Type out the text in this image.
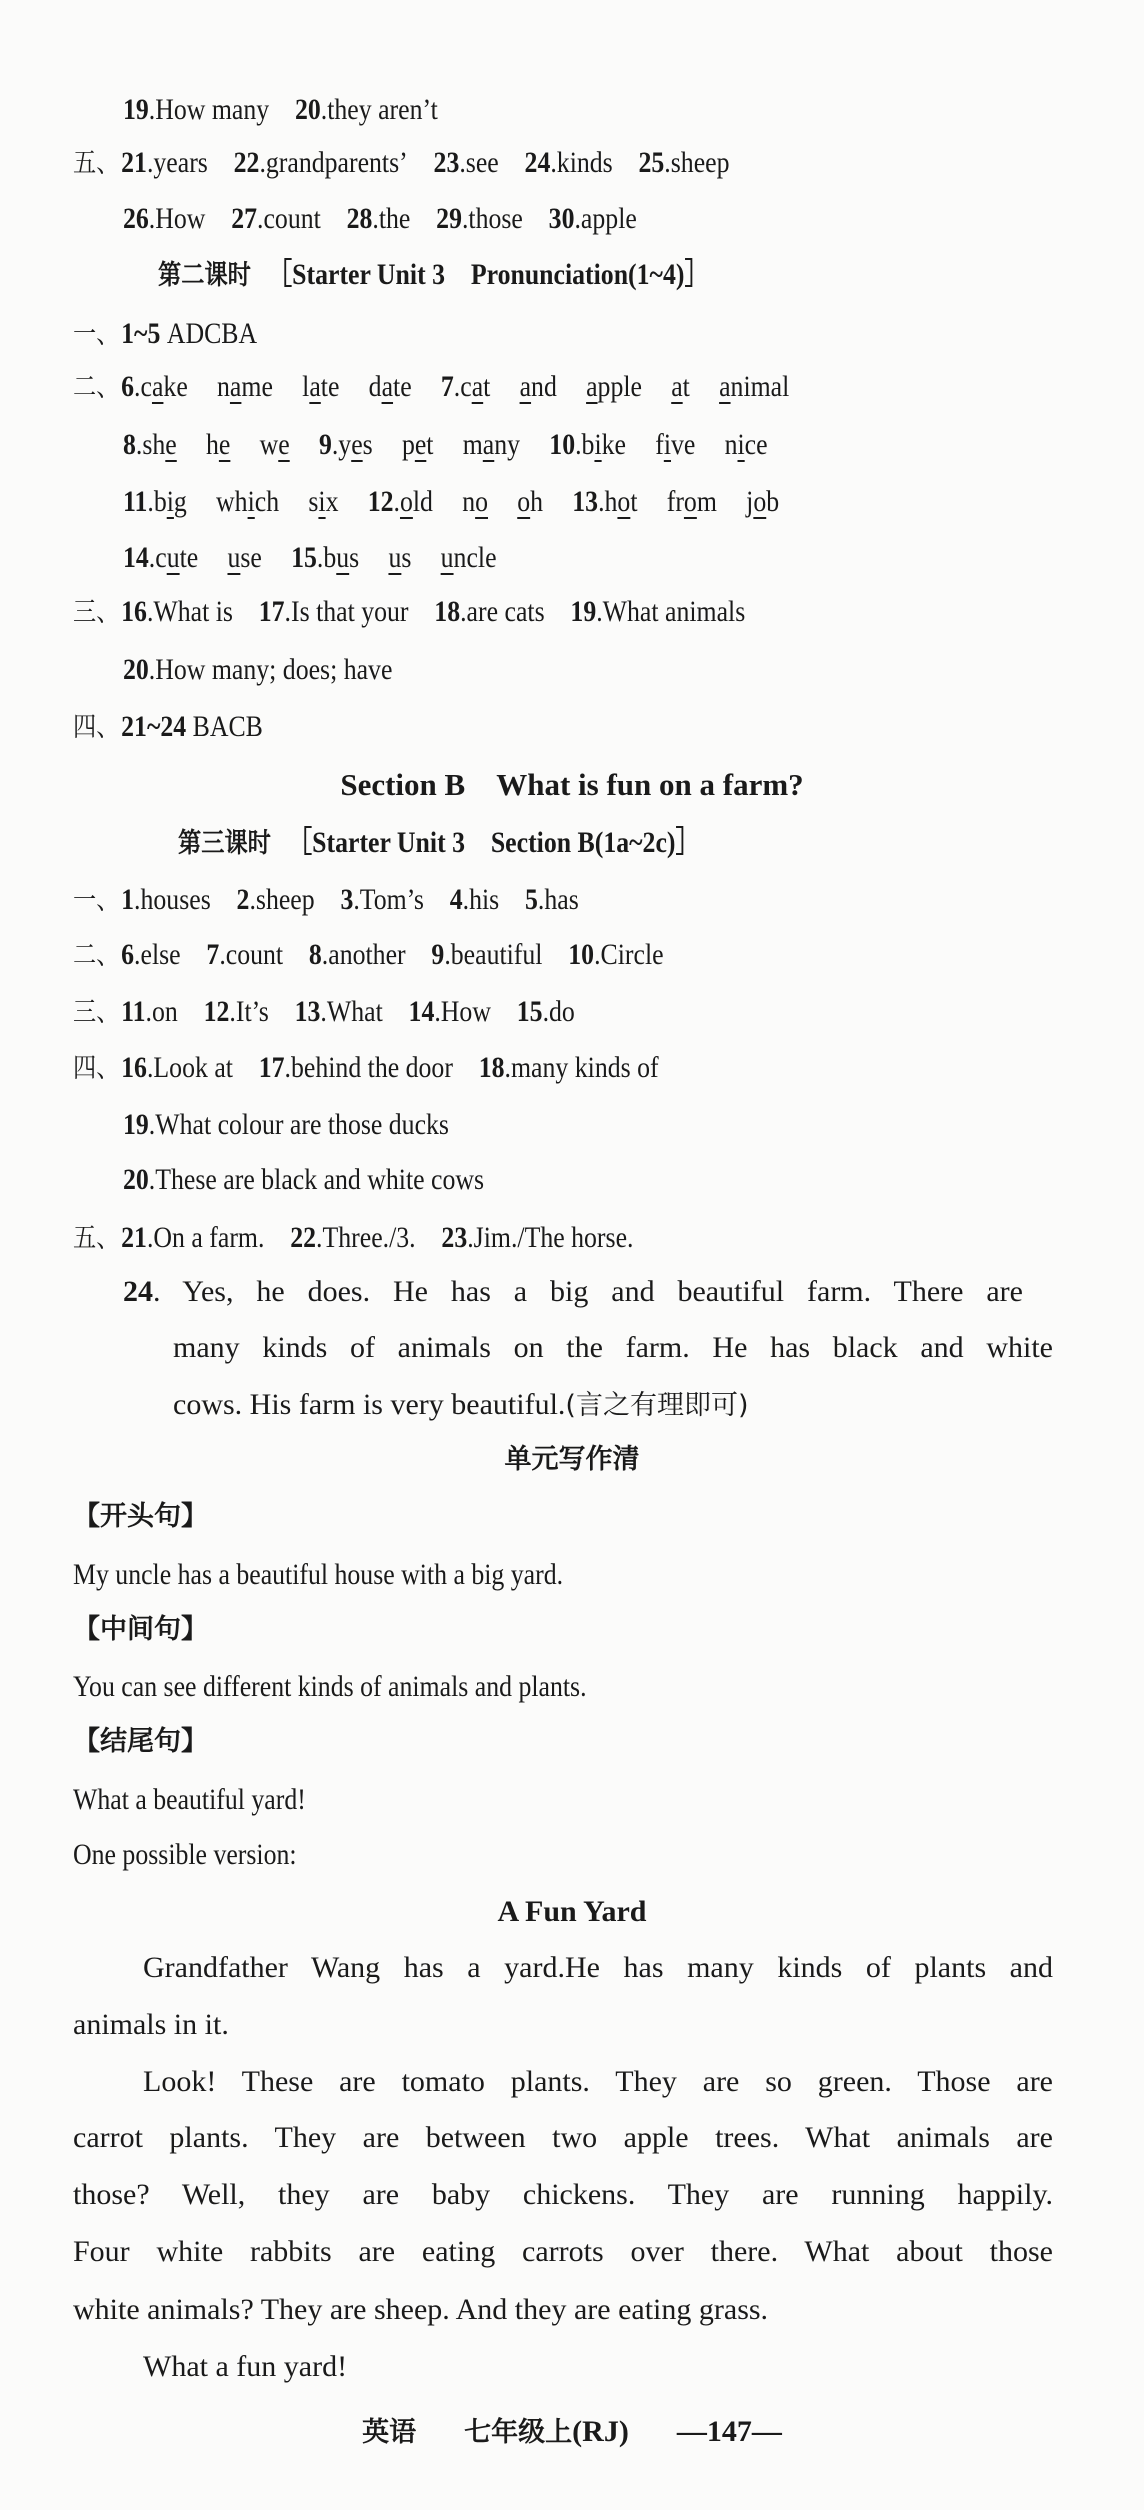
19.How many 20.they aren’t
五、21.years 22.grandparents’ 23.see 24.kinds 25.sheep
26.How 27.count 28.the 29.those 30.apple
第二课时 ［Starter Unit 3　Pronunciation(1~4)］
一、1~5 ADCBA
二、6.cake name late date 7.cat and apple at animal
8.she he we 9.yes pet many 10.bike five nice
11.big which six 12.old no oh 13.hot from job
14.cute use 15.bus us uncle
三、16.What is 17.Is that your 18.are cats 19.What animals
20.How many; does; have
四、21~24 BACB
Section B　What is fun on a farm?
第三课时 ［Starter Unit 3　Section B(1a~2c)］
一、1.houses 2.sheep 3.Tom’s 4.his 5.has
二、6.else 7.count 8.another 9.beautiful 10.Circle
三、11.on 12.It’s 13.What 14.How 15.do
四、16.Look at 17.behind the door 18.many kinds of
19.What colour are those ducks
20.These are black and white cows
五、21.On a farm. 22.Three./3. 23.Jim./The horse.
24. Yes, he does. He has a big and beautiful farm. There are
many kinds of animals on the farm. He has black and white
cows. His farm is very beautiful.(言之有理即可)
单元写作清
【开头句】
My uncle has a beautiful house with a big yard.
【中间句】
You can see different kinds of animals and plants.
【结尾句】
What a beautiful yard!
One possible version:
A Fun Yard
Grandfather Wang has a yard.He has many kinds of plants and
animals in it.
Look! These are tomato plants. They are so green. Those are
carrot plants. They are between two apple trees. What animals are
those? Well, they are baby chickens. They are running happily.
Four white rabbits are eating carrots over there. What about those
white animals? They are sheep. And they are eating grass.
What a fun yard!
英语 七年级上(RJ) —147—
